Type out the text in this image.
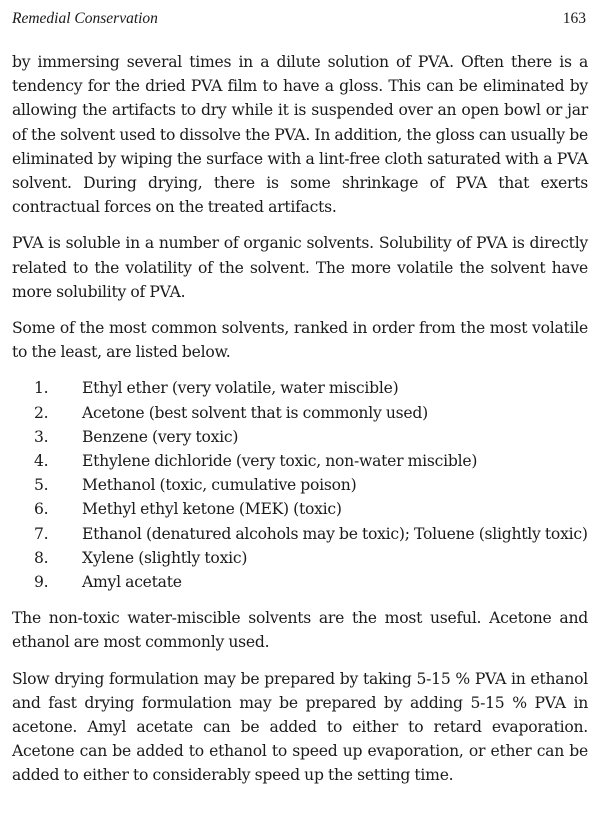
Remedial Conservation	163

by immersing several times in a dilute solution of PVA. Often there is a tendency for the dried PVA film to have a gloss. This can be eliminated by allowing the artifacts to dry while it is suspended over an open bowl or jar of the solvent used to dissolve the PVA. In addition, the gloss can usually be eliminated by wiping the surface with a lint-free cloth saturated with a PVA solvent. During drying, there is some shrinkage of PVA that exerts contractual forces on the treated artifacts.

PVA is soluble in a number of organic solvents. Solubility of PVA is directly related to the volatility of the solvent. The more volatile the solvent have more solubility of PVA.

Some of the most common solvents, ranked in order from the most volatile to the least, are listed below.

1.	Ethyl ether (very volatile, water miscible)
2.	Acetone (best solvent that is commonly used)
3.	Benzene (very toxic)
4.	Ethylene dichloride (very toxic, non-water miscible)
5.	Methanol (toxic, cumulative poison)
6.	Methyl ethyl ketone (MEK) (toxic)
7.	Ethanol (denatured alcohols may be toxic); Toluene (slightly toxic)
8.	Xylene (slightly toxic)
9.	Amyl acetate

The non-toxic water-miscible solvents are the most useful. Acetone and ethanol are most commonly used.

Slow drying formulation may be prepared by taking 5-15 % PVA in ethanol and fast drying formulation may be prepared by adding 5-15 % PVA in acetone. Amyl acetate can be added to either to retard evaporation. Acetone can be added to ethanol to speed up evaporation, or ether can be added to either to considerably speed up the setting time.
